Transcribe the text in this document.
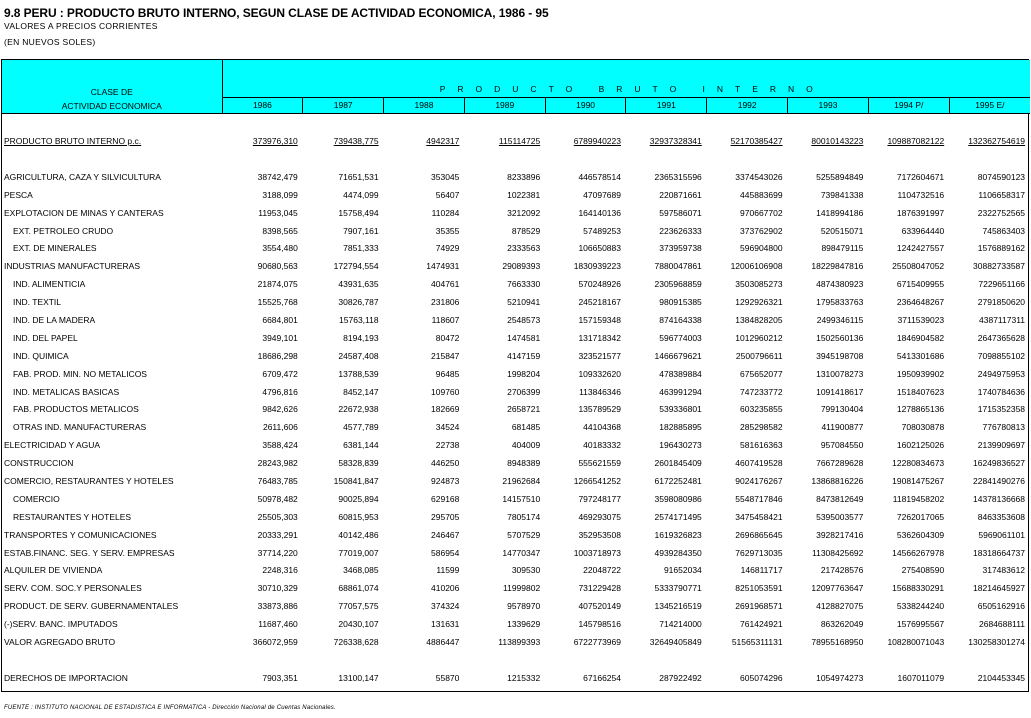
9.8 PERU : PRODUCTO BRUTO INTERNO, SEGUN CLASE DE ACTIVIDAD ECONOMICA, 1986 - 95
VALORES A PRECIOS CORRIENTES
(EN NUEVOS SOLES)
CLASE DE
ACTIVIDAD ECONOMICA	PRODUCTO BRUTO INTERNO									
	1986	1987	1988	1989	1990	1991	1992	1993	1994 P/	1995 E/

PRODUCTO BRUTO INTERNO p.c.	373976,310	739438,775	4942317	115114725	6789940223	32937328341	52170385427	80010143223	109887082122	132362754619

AGRICULTURA, CAZA Y SILVICULTURA	38742,479	71651,531	353045	8233896	446578514	2365315596	3374543026	5255894849	7172604671	8074590123
PESCA	3188,099	4474,099	56407	1022381	47097689	220871661	445883699	739841338	1104732516	1106658317
EXPLOTACION DE MINAS Y CANTERAS	11953,045	15758,494	110284	3212092	164140136	597586071	970667702	1418994186	1876391997	2322752565
EXT. PETROLEO CRUDO	8398,565	7907,161	35355	878529	57489253	223626333	373762902	520515071	633964440	745863403
EXT. DE MINERALES	3554,480	7851,333	74929	2333563	106650883	373959738	596904800	898479115	1242427557	1576889162
INDUSTRIAS MANUFACTURERAS	90680,563	172794,554	1474931	29089393	1830939223	7880047861	12006106908	18229847816	25508047052	30882733587
IND. ALIMENTICIA	21874,075	43931,635	404761	7663330	570248926	2305968859	3503085273	4874380923	6715409955	7229651166
IND. TEXTIL	15525,768	30826,787	231806	5210941	245218167	980915385	1292926321	1795833763	2364648267	2791850620
IND. DE LA MADERA	6684,801	15763,118	118607	2548573	157159348	874164338	1384828205	2499346115	3711539023	4387117311
IND. DEL PAPEL	3949,101	8194,193	80472	1474581	131718342	596774003	1012960212	1502560136	1846904582	2647365628
IND. QUIMICA	18686,298	24587,408	215847	4147159	323521577	1466679621	2500796611	3945198708	5413301686	7098855102
FAB. PROD. MIN. NO METALICOS	6709,472	13788,539	96485	1998204	109332620	478389884	675652077	1310078273	1950939902	2494975953
IND. METALICAS BASICAS	4796,816	8452,147	109760	2706399	113846346	463991294	747233772	1091418617	1518407623	1740784636
FAB. PRODUCTOS METALICOS	9842,626	22672,938	182669	2658721	135789529	539336801	603235855	799130404	1278865136	1715352358
OTRAS IND. MANUFACTURERAS	2611,606	4577,789	34524	681485	44104368	182885895	285298582	411900877	708030878	776780813
ELECTRICIDAD Y AGUA	3588,424	6381,144	22738	404009	40183332	196430273	581616363	957084550	1602125026	2139909697
CONSTRUCCION	28243,982	58328,839	446250	8948389	555621559	2601845409	4607419528	7667289628	12280834673	16249836527
COMERCIO, RESTAURANTES Y HOTELES	76483,785	150841,847	924873	21962684	1266541252	6172252481	9024176267	13868816226	19081475267	22841490276
COMERCIO	50978,482	90025,894	629168	14157510	797248177	3598080986	5548717846	8473812649	11819458202	14378136668
RESTAURANTES Y HOTELES	25505,303	60815,953	295705	7805174	469293075	2574171495	3475458421	5395003577	7262017065	8463353608
TRANSPORTES Y COMUNICACIONES	20333,291	40142,486	246467	5707529	352953508	1619326823	2696865645	3928217416	5362604309	5969061101
ESTAB.FINANC. SEG. Y SERV. EMPRESAS	37714,220	77019,007	586954	14770347	1003718973	4939284350	7629713035	11308425692	14566267978	18318664737
ALQUILER DE VIVIENDA	2248,316	3468,085	11599	309530	22048722	91652034	146811717	217428576	275408590	317483612
SERV. COM. SOC.Y PERSONALES	30710,329	68861,074	410206	11999802	731229428	5333790771	8251053591	12097763647	15688330291	18214645927
PRODUCT. DE SERV. GUBERNAMENTALES	33873,886	77057,575	374324	9578970	407520149	1345216519	2691968571	4128827075	5338244240	6505162916
(-)SERV. BANC. IMPUTADOS	11687,460	20430,107	131631	1339629	145798516	714214000	761424921	863262049	1576995567	2684688111
VALOR AGREGADO BRUTO	366072,959	726338,628	4886447	113899393	6722773969	32649405849	51565311131	78955168950	108280071043	130258301274

DERECHOS DE IMPORTACION	7903,351	13100,147	55870	1215332	67166254	287922492	605074296	1054974273	1607011079	2104453345
FUENTE : INSTITUTO NACIONAL DE ESTADISTICA E INFORMATICA - Dirección Nacional de Cuentas Nacionales.
